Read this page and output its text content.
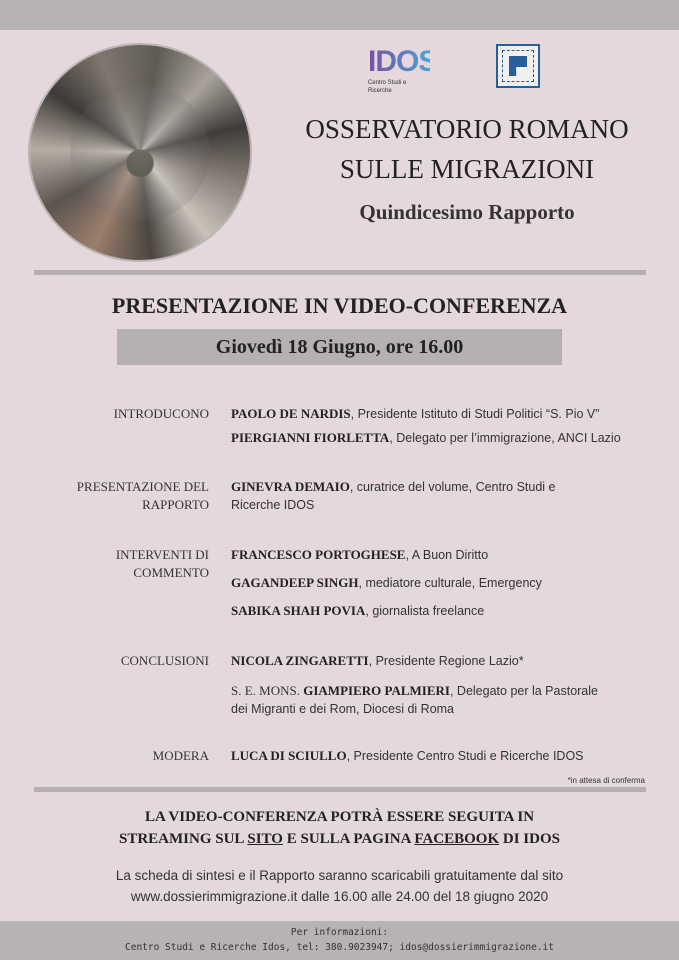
IDOS
Centro Studi e Ricerche
OSSERVATORIO ROMANO
SULLE MIGRAZIONI
Quindicesimo Rapporto
PRESENTAZIONE IN VIDEO-CONFERENZA
Giovedì 18 Giugno, ore 16.00
INTRODUCONO PAOLO DE NARDIS, Presidente Istituto di Studi Politici “S. Pio V”
PIERGIANNI FIORLETTA, Delegato per l’immigrazione, ANCI Lazio
PRESENTAZIONE DEL
RAPPORTO
GINEVRA DEMAIO, curatrice del volume, Centro Studi e
Ricerche IDOS
INTERVENTI DI
COMMENTO
FRANCESCO PORTOGHESE, A Buon Diritto
GAGANDEEP SINGH, mediatore culturale, Emergency
SABIKA SHAH POVIA, giornalista freelance
CONCLUSIONI NICOLA ZINGARETTI, Presidente Regione Lazio*
S. E. MONS. GIAMPIERO PALMIERI, Delegato per la Pastorale
dei Migranti e dei Rom, Diocesi di Roma
MODERA LUCA DI SCIULLO, Presidente Centro Studi e Ricerche IDOS
*in attesa di conferma
LA VIDEO-CONFERENZA POTRÀ ESSERE SEGUITA IN
STREAMING SUL SITO E SULLA PAGINA FACEBOOK DI IDOS
La scheda di sintesi e il Rapporto saranno scaricabili gratuitamente dal sito
www.dossierimmigrazione.it dalle 16.00 alle 24.00 del 18 giugno 2020
Per informazioni:
Centro Studi e Ricerche Idos, tel: 380.9023947; idos@dossierimmigrazione.it
